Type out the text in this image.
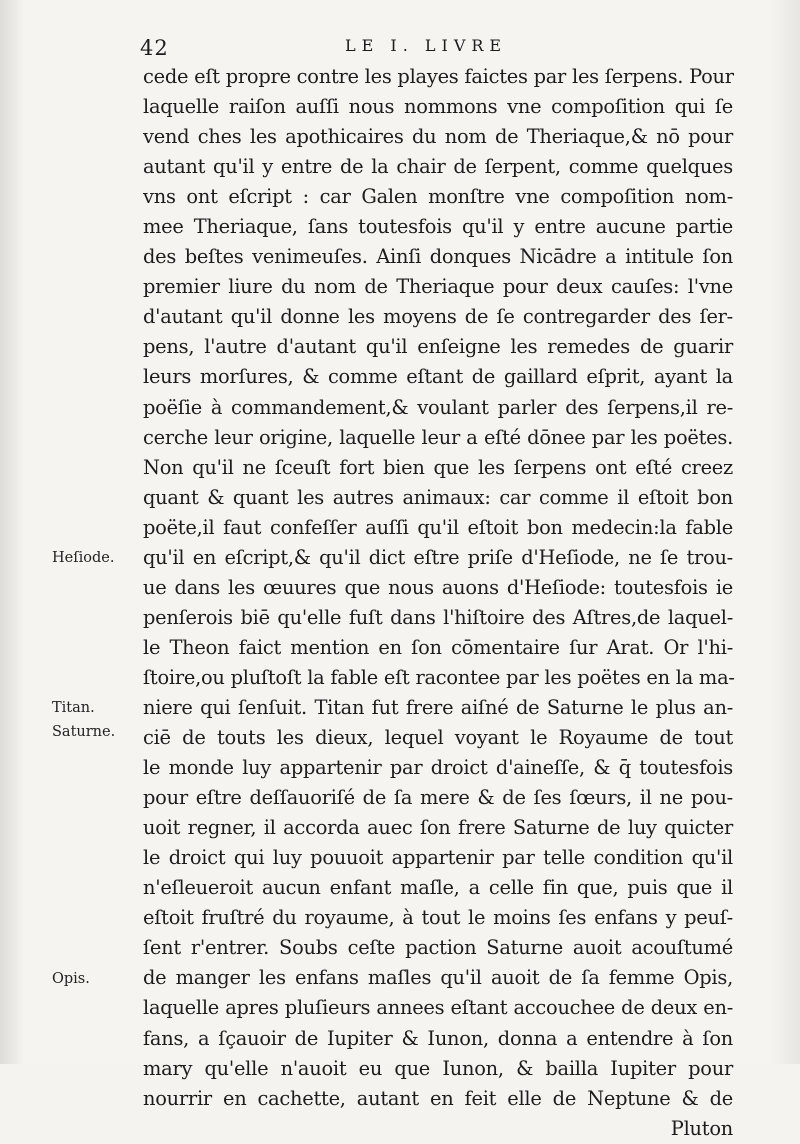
42	LE I. LIVRE
cede eſt propre contre les playes faictes par les ſerpens. Pour
laquelle raiſon auſſi nous nommons vne compoſition qui ſe
vend ches les apothicaires du nom de Theriaque,& nō pour
autant qu'il y entre de la chair de ſerpent, comme quelques
vns ont eſcript : car Galen monſtre vne compoſition nom-
mee Theriaque, ſans toutesfois qu'il y entre aucune partie
des beſtes venimeuſes. Ainſi donques Nicādre a intitule ſon
premier liure du nom de Theriaque pour deux cauſes: l'vne
d'autant qu'il donne les moyens de ſe contregarder des ſer-
pens, l'autre d'autant qu'il enſeigne les remedes de guarir
leurs morſures, & comme eſtant de gaillard eſprit, ayant la
poëſie à commandement,& voulant parler des ſerpens,il re-
cerche leur origine, laquelle leur a eſté dōnee par les poëtes.
Non qu'il ne ſceuſt fort bien que les ſerpens ont eſté creez
quant & quant les autres animaux: car comme il eſtoit bon
poëte,il faut confeſſer auſſi qu'il eſtoit bon medecin:la fable
qu'il en eſcript,& qu'il dict eſtre priſe d'Heſiode, ne ſe trou-
ue dans les œuures que nous auons d'Heſiode: toutesfois ie
penſerois biē qu'elle fuſt dans l'hiſtoire des Aſtres,de laquel-
le Theon faict mention en ſon cōmentaire ſur Arat. Or l'hi-
ſtoire,ou pluſtoſt la fable eſt racontee par les poëtes en la ma-
niere qui ſenſuit. Titan fut frere aiſné de Saturne le plus an-
ciē de touts les dieux, lequel voyant le Royaume de tout
le monde luy appartenir par droict d'aineſſe, & q̄ toutesfois
pour eſtre deſſauoriſé de ſa mere & de ſes ſœurs, il ne pou-
uoit regner, il accorda auec ſon frere Saturne de luy quicter
le droict qui luy pouuoit appartenir par telle condition qu'il
n'eſleueroit aucun enfant maſle, a celle fin que, puis que il
eſtoit fruſtré du royaume, à tout le moins ſes enfans y peuſ-
ſent r'entrer. Soubs ceſte paction Saturne auoit acouſtumé
de manger les enfans maſles qu'il auoit de ſa femme Opis,
laquelle apres pluſieurs annees eſtant accouchee de deux en-
fans, a ſçauoir de Iupiter & Iunon, donna a entendre à ſon
mary qu'elle n'auoit eu que Iunon, & bailla Iupiter pour
nourrir en cachette, autant en feit elle de Neptune & de
Pluton
Heſiode.
Titan.
Saturne.
Opis.
